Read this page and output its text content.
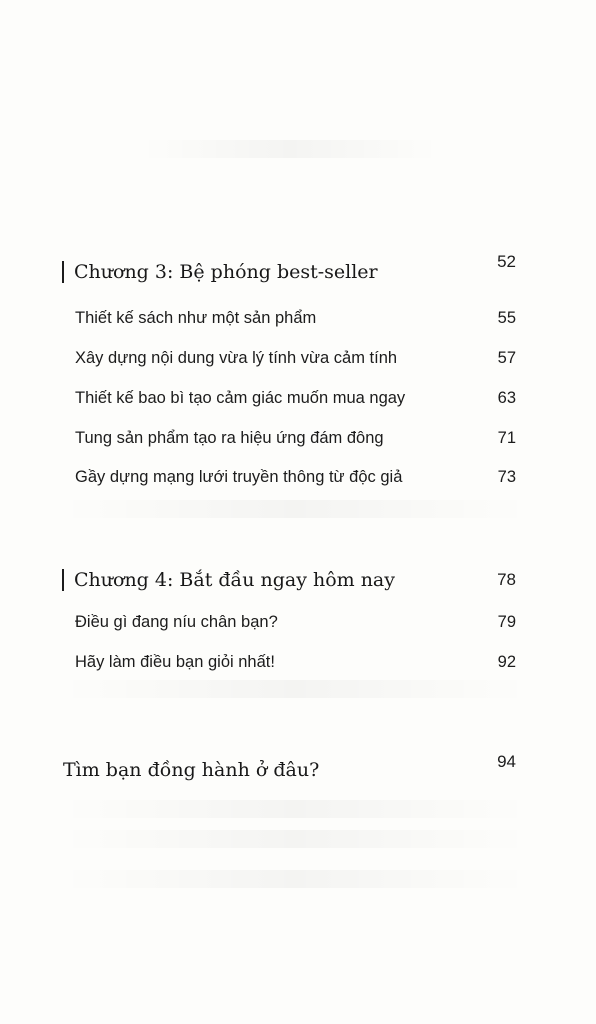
Chương 3: Bệ phóng best-seller	52
Thiết kế sách như một sản phẩm	55
Xây dựng nội dung vừa lý tính vừa cảm tính	57
Thiết kế bao bì tạo cảm giác muốn mua ngay	63
Tung sản phẩm tạo ra hiệu ứng đám đông	71
Gầy dựng mạng lưới truyền thông từ độc giả	73
Chương 4: Bắt đầu ngay hôm nay	78
Điều gì đang níu chân bạn?	79
Hãy làm điều bạn giỏi nhất!	92
Tìm bạn đồng hành ở đâu?	94
